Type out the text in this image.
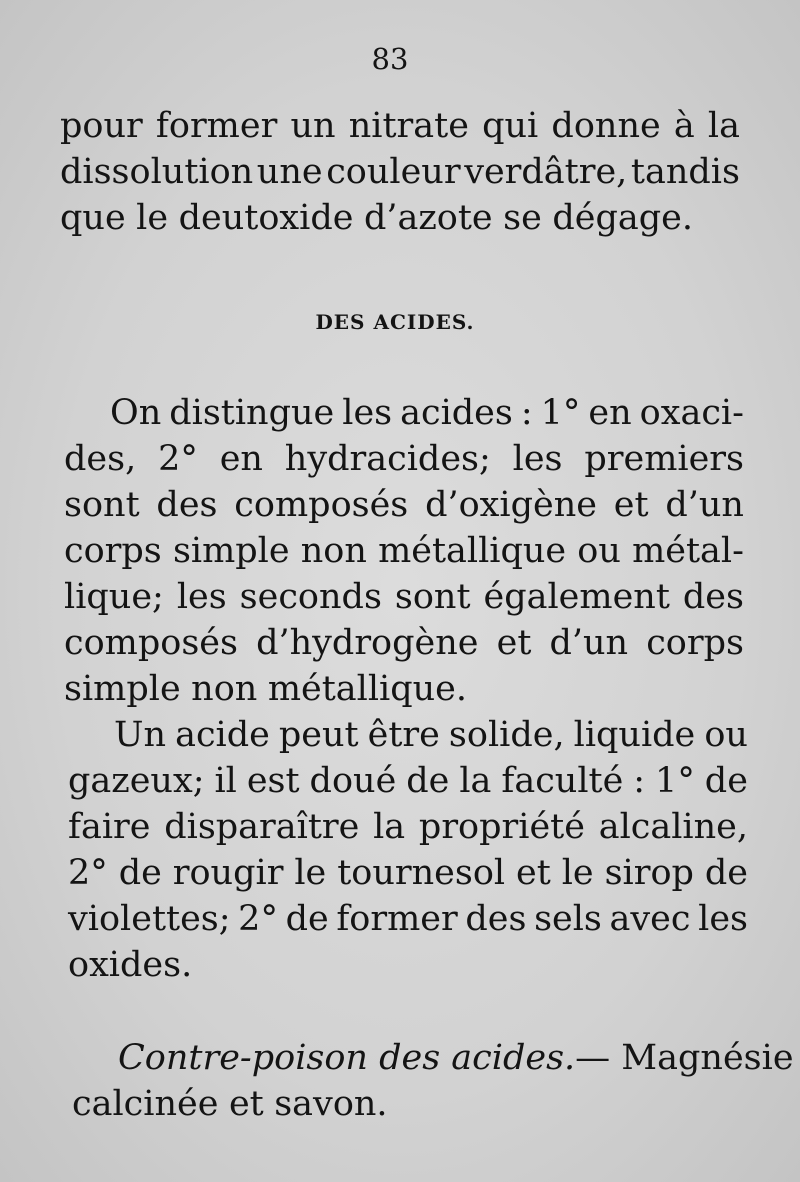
83
pour former un nitrate qui donne à la
dissolution une couleur verdâtre, tandis
que le deutoxide d’azote se dégage.
DES ACIDES.
On distingue les acides : 1° en oxaci-
des, 2° en hydracides; les premiers
sont des composés d’oxigène et d’un
corps simple non métallique ou métal-
lique; les seconds sont également des
composés d’hydrogène et d’un corps
simple non métallique.
Un acide peut être solide, liquide ou
gazeux; il est doué de la faculté : 1° de
faire disparaître la propriété alcaline,
2° de rougir le tournesol et le sirop de
violettes; 2° de former des sels avec les
oxides.
Contre-poison des acides. — Magnésie
calcinée et savon.
